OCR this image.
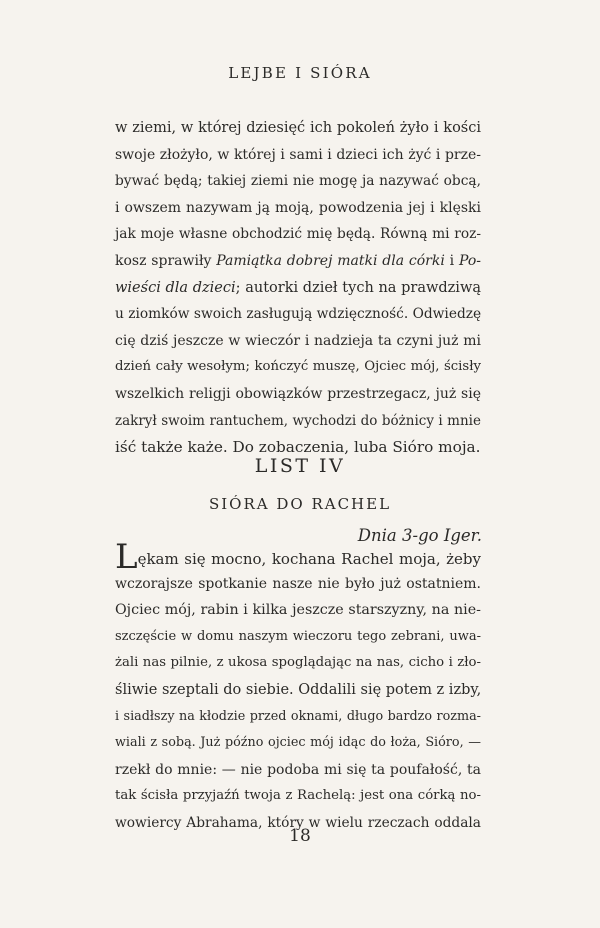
LEJBE I SIÓRA
w ziemi, w której dziesięć ich pokoleń żyło i kości
swoje złożyło, w której i sami i dzieci ich żyć i prze-
bywać będą; takiej ziemi nie mogę ja nazywać obcą,
i owszem nazywam ją moją, powodzenia jej i klęski
jak moje własne obchodzić mię będą. Równą mi roz-
kosz sprawiły Pamiątka dobrej matki dla córki i Po-
wieści dla dzieci; autorki dzieł tych na prawdziwą
u ziomków swoich zasługują wdzięczność. Odwiedzę
cię dziś jeszcze w wieczór i nadzieja ta czyni już mi
dzień cały wesołym; kończyć muszę, Ojciec mój, ścisły
wszelkich religji obowiązków przestrzegacz, już się
zakrył swoim rantuchem, wychodzi do bóżnicy i mnie
iść także każe. Do zobaczenia, luba Sióro moja.
LIST IV
SIÓRA DO RACHEL
Dnia 3-go Iger.
Lękam się mocno, kochana Rachel moja, żeby
wczorajsze spotkanie nasze nie było już ostatniem.
Ojciec mój, rabin i kilka jeszcze starszyzny, na nie-
szczęście w domu naszym wieczoru tego zebrani, uwa-
żali nas pilnie, z ukosa spoglądając na nas, cicho i zło-
śliwie szeptali do siebie. Oddalili się potem z izby,
i siadłszy na kłodzie przed oknami, długo bardzo rozma-
wiali z sobą. Już późno ojciec mój idąc do łoża, Sióro, —
rzekł do mnie: — nie podoba mi się ta poufałość, ta
tak ścisła przyjaźń twoja z Rachelą: jest ona córką no-
wowiercy Abrahama, który w wielu rzeczach oddala
18
